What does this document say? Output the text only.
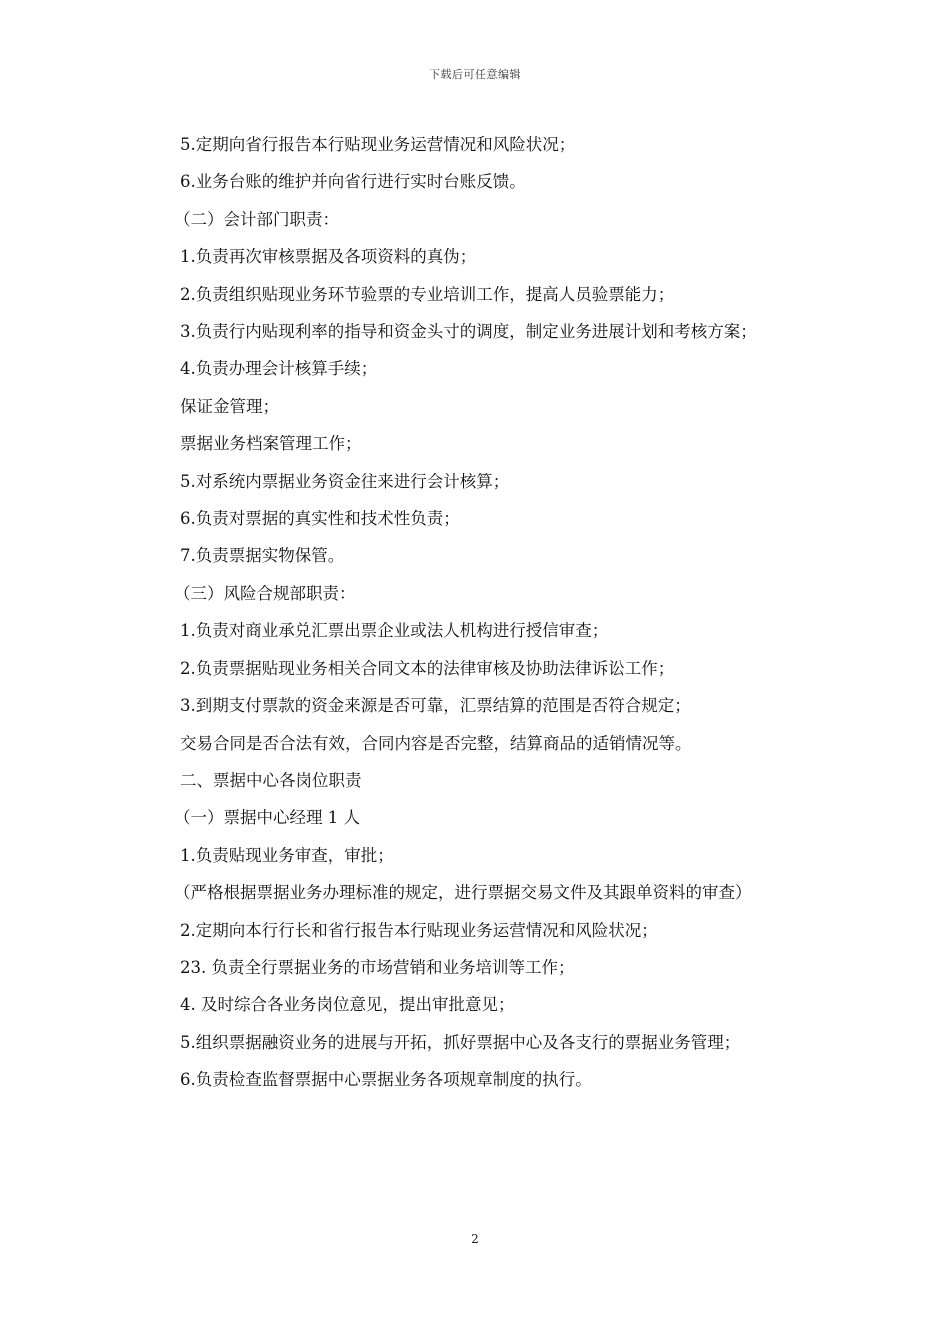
下载后可任意编辑

5.定期向省行报告本行贴现业务运营情况和风险状况；

6.业务台账的维护并向省行进行实时台账反馈。

（二）会计部门职责：

1.负责再次审核票据及各项资料的真伪；

2.负责组织贴现业务环节验票的专业培训工作，提高人员验票能力；

3.负责行内贴现利率的指导和资金头寸的调度，制定业务进展计划和考核方案；

4.负责办理会计核算手续；

保证金管理；

票据业务档案管理工作；

5.对系统内票据业务资金往来进行会计核算；

6.负责对票据的真实性和技术性负责；

7.负责票据实物保管。

（三）风险合规部职责：

1.负责对商业承兑汇票出票企业或法人机构进行授信审查；

2.负责票据贴现业务相关合同文本的法律审核及协助法律诉讼工作；

3.到期支付票款的资金来源是否可靠，汇票结算的范围是否符合规定；

交易合同是否合法有效，合同内容是否完整，结算商品的适销情况等。

二、票据中心各岗位职责

（一）票据中心经理 1 人

1.负责贴现业务审查，审批；

（严格根据票据业务办理标准的规定，进行票据交易文件及其跟单资料的审查）

2.定期向本行行长和省行报告本行贴现业务运营情况和风险状况；

23. 负责全行票据业务的市场营销和业务培训等工作；

4. 及时综合各业务岗位意见，提出审批意见；

5.组织票据融资业务的进展与开拓，抓好票据中心及各支行的票据业务管理；

6.负责检查监督票据中心票据业务各项规章制度的执行。

2
